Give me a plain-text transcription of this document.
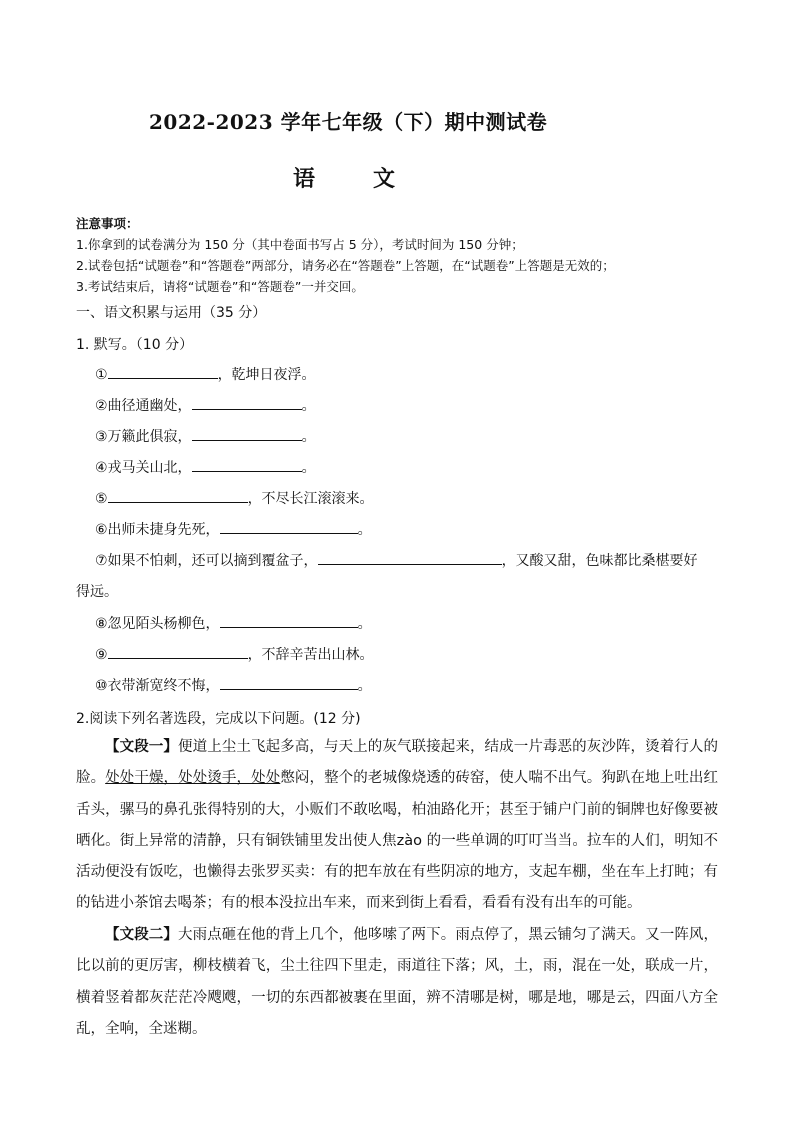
2022-2023 学年七年级（下）期中测试卷
语	文
注意事项：
1.你拿到的试卷满分为 150 分（其中卷面书写占 5 分），考试时间为 150 分钟；
2.试卷包括“试题卷”和“答题卷”两部分，请务必在“答题卷”上答题，在“试题卷”上答题是无效的；
3.考试结束后，请将“试题卷”和“答题卷”一并交回。
一、语文积累与运用（35 分）
1. 默写。（10 分）
①	，乾坤日夜浮。
②曲径通幽处，	。
③万籁此俱寂，	。
④戎马关山北，	。
⑤	，不尽长江滚滚来。
⑥出师未捷身先死，	。
⑦如果不怕刺，还可以摘到覆盆子，	，又酸又甜，色味都比桑椹要好
得远。
⑧忽见陌头杨柳色，	。
⑨	，不辞辛苦出山林。
⑩衣带渐宽终不悔，	。
2.阅读下列名著选段，完成以下问题。(12 分)
【文段一】便道上尘土飞起多高，与天上的灰气联接起来，结成一片毒恶的灰沙阵，烫着行人的脸。处处干燥，处处烫手，处处憋闷，整个的老城像烧透的砖窑，使人喘不出气。狗趴在地上吐出红舌头，骡马的鼻孔张得特别的大，小贩们不敢吆喝，柏油路化开；甚至于铺户门前的铜牌也好像要被晒化。街上异常的清静，只有铜铁铺里发出使人焦zào 的一些单调的叮叮当当。拉车的人们，明知不活动便没有饭吃，也懒得去张罗买卖：有的把车放在有些阴凉的地方，支起车棚，坐在车上打盹；有的钻进小茶馆去喝茶；有的根本没拉出车来，而来到街上看看，看看有没有出车的可能。
【文段二】大雨点砸在他的背上几个，他哆嗦了两下。雨点停了，黑云铺匀了满天。又一阵风，比以前的更厉害，柳枝横着飞，尘土往四下里走，雨道往下落；风，土，雨，混在一处，联成一片，横着竖着都灰茫茫冷飕飕，一切的东西都被裹在里面，辨不清哪是树，哪是地，哪是云，四面八方全乱，全响，全迷糊。
